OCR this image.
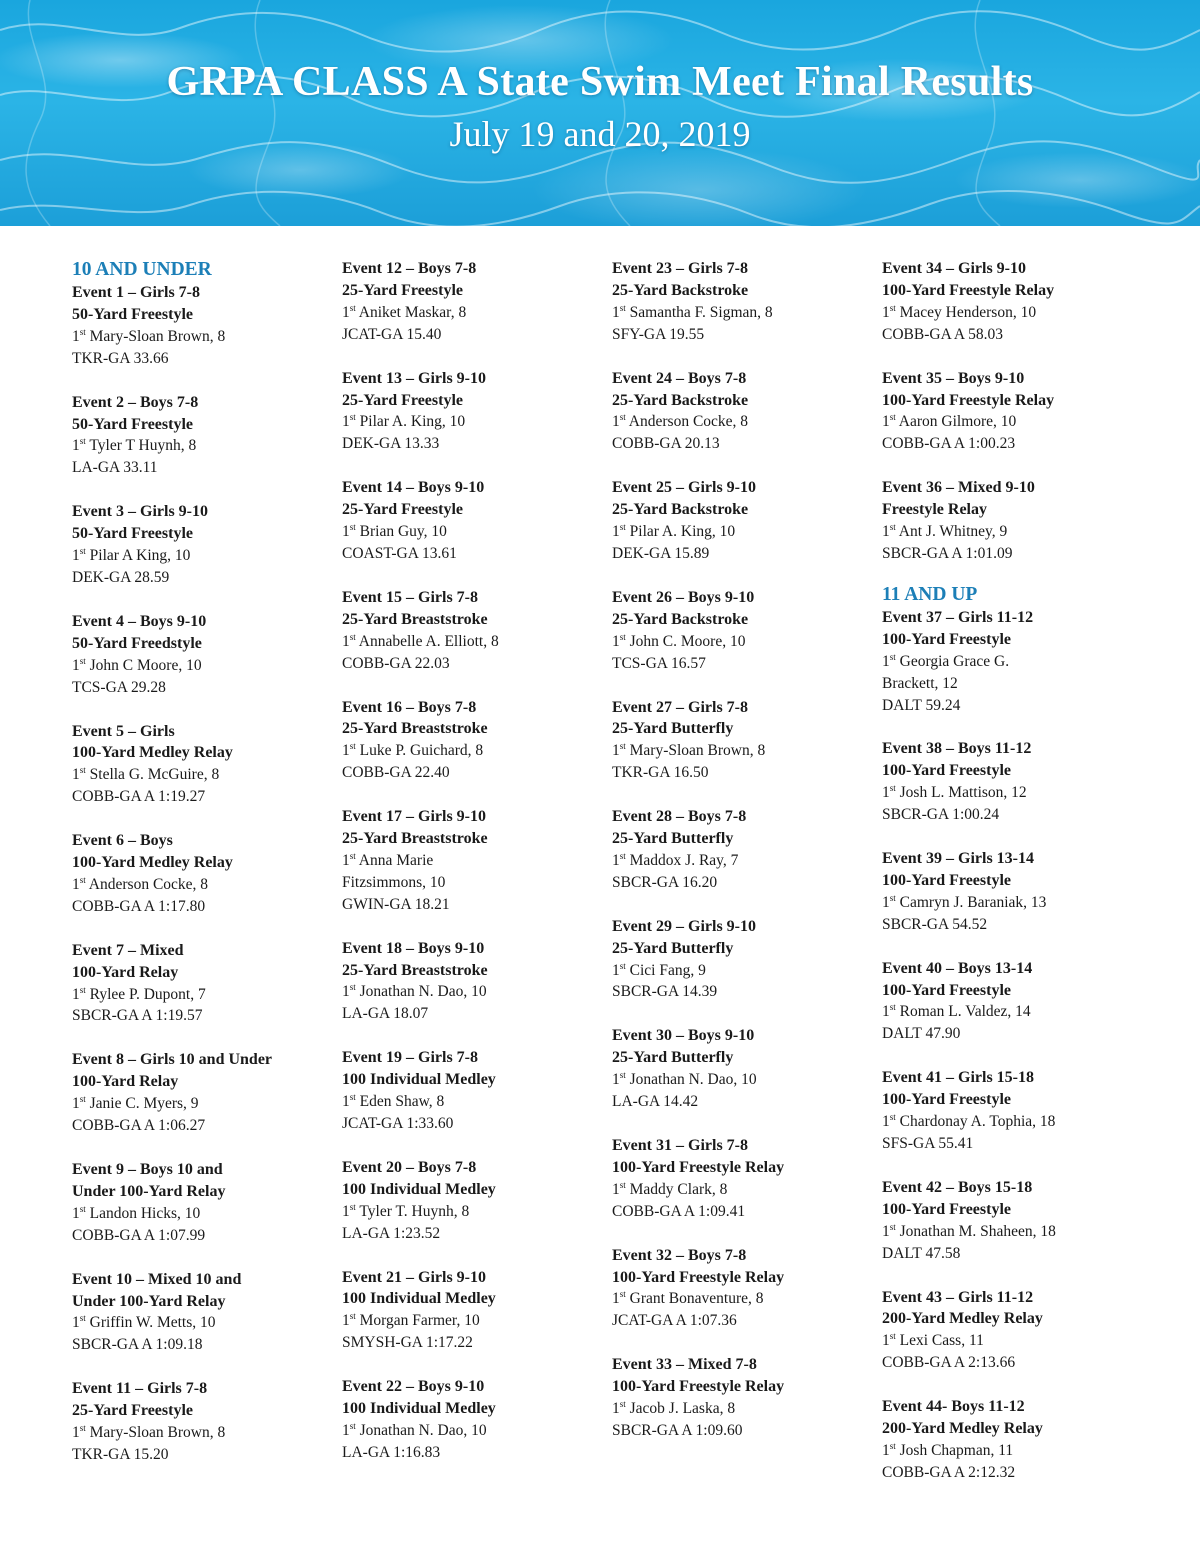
GRPA CLASS A State Swim Meet Final Results
July 19 and 20, 2019
10 AND UNDER
Event 1 – Girls 7-8
50-Yard Freestyle
1st Mary-Sloan Brown, 8
TKR-GA 33.66
Event 2 – Boys 7-8
50-Yard Freestyle
1st Tyler T Huynh, 8
LA-GA 33.11
Event 3 – Girls 9-10
50-Yard Freestyle
1st Pilar A King, 10
DEK-GA 28.59
Event 4 – Boys 9-10
50-Yard Freedstyle
1st John C Moore, 10
TCS-GA 29.28
Event 5 – Girls
100-Yard Medley Relay
1st Stella G. McGuire, 8
COBB-GA A 1:19.27
Event 6 – Boys
100-Yard Medley Relay
1st Anderson Cocke, 8
COBB-GA A 1:17.80
Event 7 – Mixed
100-Yard Relay
1st Rylee P. Dupont, 7
SBCR-GA A 1:19.57
Event 8 – Girls 10 and Under
100-Yard Relay
1st Janie C. Myers, 9
COBB-GA A 1:06.27
Event 9 – Boys 10 and
Under 100-Yard Relay
1st Landon Hicks, 10
COBB-GA A 1:07.99
Event 10 – Mixed 10 and
Under 100-Yard Relay
1st Griffin W. Metts, 10
SBCR-GA A 1:09.18
Event 11 – Girls 7-8
25-Yard Freestyle
1st Mary-Sloan Brown, 8
TKR-GA 15.20
Event 12 – Boys 7-8
25-Yard Freestyle
1st Aniket Maskar, 8
JCAT-GA 15.40
Event 13 – Girls 9-10
25-Yard Freestyle
1st Pilar A. King, 10
DEK-GA 13.33
Event 14 – Boys 9-10
25-Yard Freestyle
1st Brian Guy, 10
COAST-GA 13.61
Event 15 – Girls 7-8
25-Yard Breaststroke
1st Annabelle A. Elliott, 8
COBB-GA 22.03
Event 16 – Boys 7-8
25-Yard Breaststroke
1st Luke P. Guichard, 8
COBB-GA 22.40
Event 17 – Girls 9-10
25-Yard Breaststroke
1st Anna Marie
Fitzsimmons, 10
GWIN-GA 18.21
Event 18 – Boys 9-10
25-Yard Breaststroke
1st Jonathan N. Dao, 10
LA-GA 18.07
Event 19 – Girls 7-8
100 Individual Medley
1st Eden Shaw, 8
JCAT-GA 1:33.60
Event 20 – Boys 7-8
100 Individual Medley
1st Tyler T. Huynh, 8
LA-GA 1:23.52
Event 21 – Girls 9-10
100 Individual Medley
1st Morgan Farmer, 10
SMYSH-GA 1:17.22
Event 22 – Boys 9-10
100 Individual Medley
1st Jonathan N. Dao, 10
LA-GA 1:16.83
Event 23 – Girls 7-8
25-Yard Backstroke
1st Samantha F. Sigman, 8
SFY-GA 19.55
Event 24 – Boys 7-8
25-Yard Backstroke
1st Anderson Cocke, 8
COBB-GA 20.13
Event 25 – Girls 9-10
25-Yard Backstroke
1st Pilar A. King, 10
DEK-GA 15.89
Event 26 – Boys 9-10
25-Yard Backstroke
1st John C. Moore, 10
TCS-GA 16.57
Event 27 – Girls 7-8
25-Yard Butterfly
1st Mary-Sloan Brown, 8
TKR-GA 16.50
Event 28 – Boys 7-8
25-Yard Butterfly
1st Maddox J. Ray, 7
SBCR-GA 16.20
Event 29 – Girls 9-10
25-Yard Butterfly
1st Cici Fang, 9
SBCR-GA 14.39
Event 30 – Boys 9-10
25-Yard Butterfly
1st Jonathan N. Dao, 10
LA-GA 14.42
Event 31 – Girls 7-8
100-Yard Freestyle Relay
1st Maddy Clark, 8
COBB-GA A 1:09.41
Event 32 – Boys 7-8
100-Yard Freestyle Relay
1st Grant Bonaventure, 8
JCAT-GA A 1:07.36
Event 33 – Mixed 7-8
100-Yard Freestyle Relay
1st Jacob J. Laska, 8
SBCR-GA A 1:09.60
Event 34 – Girls 9-10
100-Yard Freestyle Relay
1st Macey Henderson, 10
COBB-GA A 58.03
Event 35 – Boys 9-10
100-Yard Freestyle Relay
1st Aaron Gilmore, 10
COBB-GA A 1:00.23
Event 36 – Mixed 9-10
Freestyle Relay
1st Ant J. Whitney, 9
SBCR-GA A 1:01.09
11 AND UP
Event 37 – Girls 11-12
100-Yard Freestyle
1st Georgia Grace G.
Brackett, 12
DALT 59.24
Event 38 – Boys 11-12
100-Yard Freestyle
1st Josh L. Mattison, 12
SBCR-GA 1:00.24
Event 39 – Girls 13-14
100-Yard Freestyle
1st Camryn J. Baraniak, 13
SBCR-GA 54.52
Event 40 – Boys 13-14
100-Yard Freestyle
1st Roman L. Valdez, 14
DALT 47.90
Event 41 – Girls 15-18
100-Yard Freestyle
1st Chardonay A. Tophia, 18
SFS-GA 55.41
Event 42 – Boys 15-18
100-Yard Freestyle
1st Jonathan M. Shaheen, 18
DALT 47.58
Event 43 – Girls 11-12
200-Yard Medley Relay
1st Lexi Cass, 11
COBB-GA A 2:13.66
Event 44- Boys 11-12
200-Yard Medley Relay
1st Josh Chapman, 11
COBB-GA A 2:12.32
